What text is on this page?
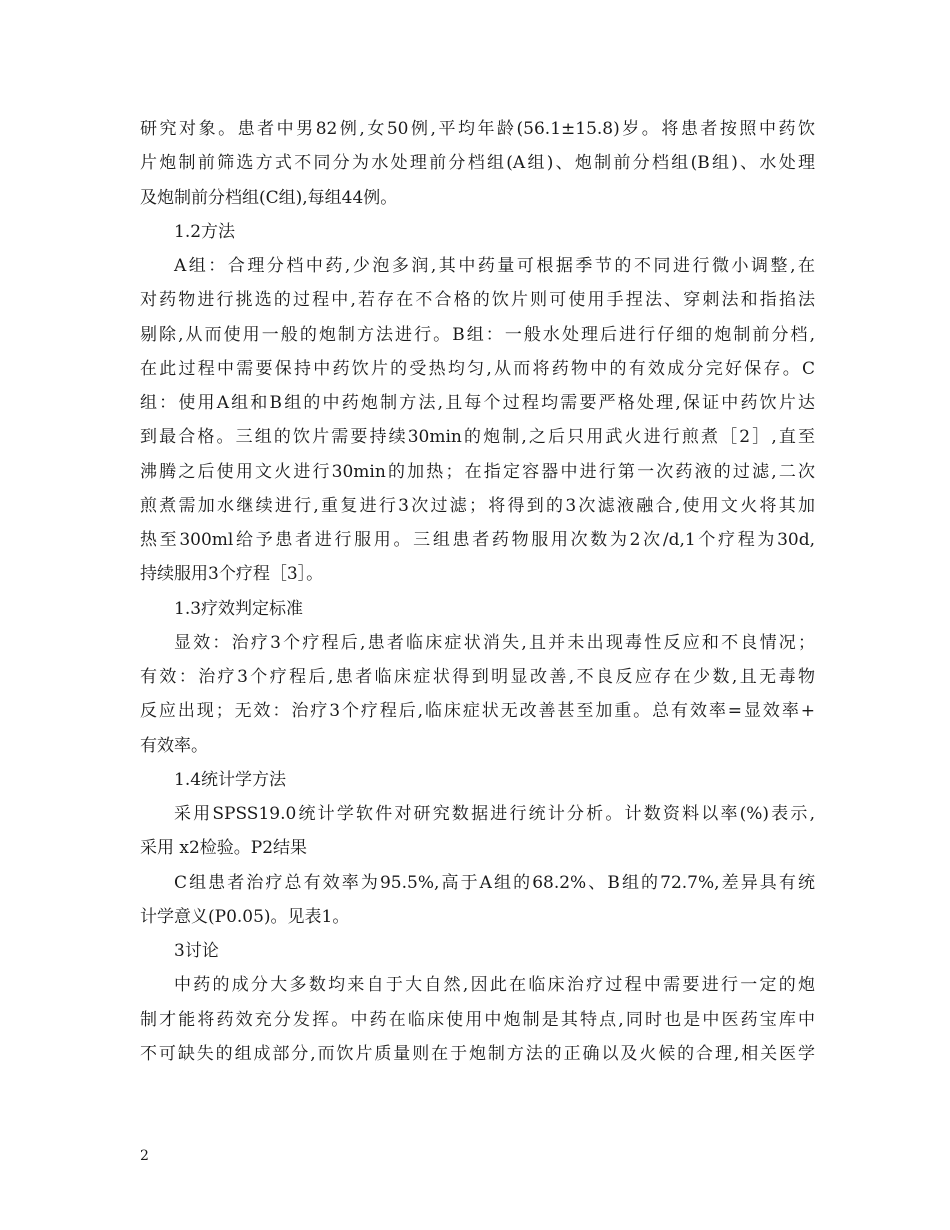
研究对象。患者中男82例,女50例,平均年龄(56.1±15.8)岁。将患者按照中药饮
片炮制前筛选方式不同分为水处理前分档组(A组)、炮制前分档组(B组)、水处理
及炮制前分档组(C组),每组44例。
1.2方法
A组：合理分档中药,少泡多润,其中药量可根据季节的不同进行微小调整,在
对药物进行挑选的过程中,若存在不合格的饮片则可使用手捏法、穿刺法和指掐法
剔除,从而使用一般的炮制方法进行。B组：一般水处理后进行仔细的炮制前分档,
在此过程中需要保持中药饮片的受热均匀,从而将药物中的有效成分完好保存。C
组：使用A组和B组的中药炮制方法,且每个过程均需要严格处理,保证中药饮片达
到最合格。三组的饮片需要持续30min的炮制,之后只用武火进行煎煮［2］,直至
沸腾之后使用文火进行30min的加热；在指定容器中进行第一次药液的过滤,二次
煎煮需加水继续进行,重复进行3次过滤；将得到的3次滤液融合,使用文火将其加
热至300ml给予患者进行服用。三组患者药物服用次数为2次/d,1个疗程为30d,
持续服用3个疗程［3］。
1.3疗效判定标准
显效：治疗3个疗程后,患者临床症状消失,且并未出现毒性反应和不良情况；
有效：治疗3个疗程后,患者临床症状得到明显改善,不良反应存在少数,且无毒物
反应出现；无效：治疗3个疗程后,临床症状无改善甚至加重。总有效率=显效率+
有效率。
1.4统计学方法
采用SPSS19.0统计学软件对研究数据进行统计分析。计数资料以率(%)表示,
采用 x2检验。P2结果
C组患者治疗总有效率为95.5%,高于A组的68.2%、B组的72.7%,差异具有统
计学意义(P0.05)。见表1。
3讨论
中药的成分大多数均来自于大自然,因此在临床治疗过程中需要进行一定的炮
制才能将药效充分发挥。中药在临床使用中炮制是其特点,同时也是中医药宝库中
不可缺失的组成部分,而饮片质量则在于炮制方法的正确以及火候的合理,相关医学
2
